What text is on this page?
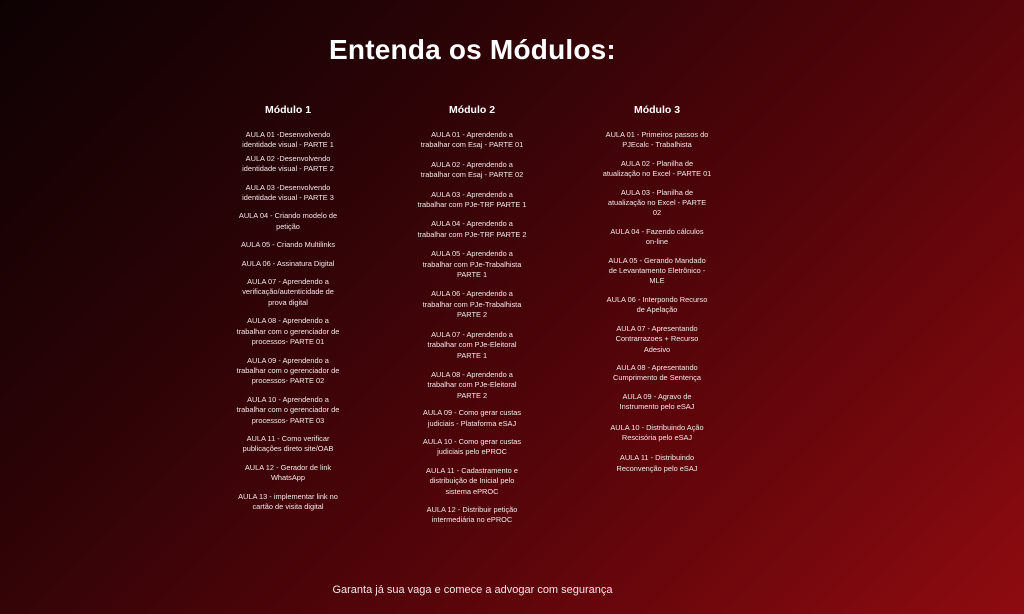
Entenda os Módulos:
Módulo 1
AULA 01 -Desenvolvendo
identidade visual - PARTE 1
AULA 02 -Desenvolvendo
identidade visual - PARTE 2
AULA 03 -Desenvolvendo
identidade visual - PARTE 3
AULA 04 - Criando modelo de
petição
AULA 05 - Criando Multilinks
AULA 06 - Assinatura Digital
AULA 07 - Aprendendo a
verificação/autenticidade de
prova digital
AULA 08 - Aprendendo a
trabalhar com o gerenciador de
processos- PARTE 01
AULA 09 - Aprendendo a
trabalhar com o gerenciador de
processos- PARTE 02
AULA 10 - Aprendendo a
trabalhar com o gerenciador de
processos- PARTE 03
AULA 11 - Como verificar
publicações direto site/OAB
AULA 12 - Gerador de link
WhatsApp
AULA 13 - implementar link no
cartão de visita digital
Módulo 2
AULA 01 - Aprendendo a
trabalhar com Esaj - PARTE 01
AULA 02 - Aprendendo a
trabalhar com Esaj - PARTE 02
AULA 03 - Aprendendo a
trabalhar com PJe-TRF PARTE 1
AULA 04 - Aprendendo a
trabalhar com PJe-TRF PARTE 2
AULA 05 - Aprendendo a
trabalhar com PJe-Trabalhista
PARTE 1
AULA 06 - Aprendendo a
trabalhar com PJe-Trabalhista
PARTE 2
AULA 07 - Aprendendo a
trabalhar com PJe-Eleitoral
PARTE 1
AULA 08 - Aprendendo a
trabalhar com PJe-Eleitoral
PARTE 2
AULA 09 - Como gerar custas
judiciais - Plataforma eSAJ
AULA 10 - Como gerar custas
judiciais pelo ePROC
AULA 11 - Cadastramento e
distribuição de Inicial pelo
sistema ePROC
AULA 12 - Distribuir petição
intermediária no ePROC
Módulo 3
AULA 01 - Primeiros passos do
PJEcalc - Trabalhista
AULA 02 - Planilha de
atualização no Excel - PARTE 01
AULA 03 - Planilha de
atualização no Excel - PARTE
02
AULA 04 - Fazendo cálculos
on-line
AULA 05 - Gerando Mandado
de Levantamento Eletrônico -
MLE
AULA 06 - Interpondo Recurso
de Apelação
AULA 07 - Apresentando
Contrarrazoes + Recurso
Adesivo
AULA 08 - Apresentando
Cumprimento de Sentença
AULA 09 - Agravo de
Instrumento pelo eSAJ
AULA 10 - Distribuindo Ação
Rescisória pelo eSAJ
AULA 11 - Distribuindo
Reconvenção pelo eSAJ
Garanta já sua vaga e comece a advogar com segurança
